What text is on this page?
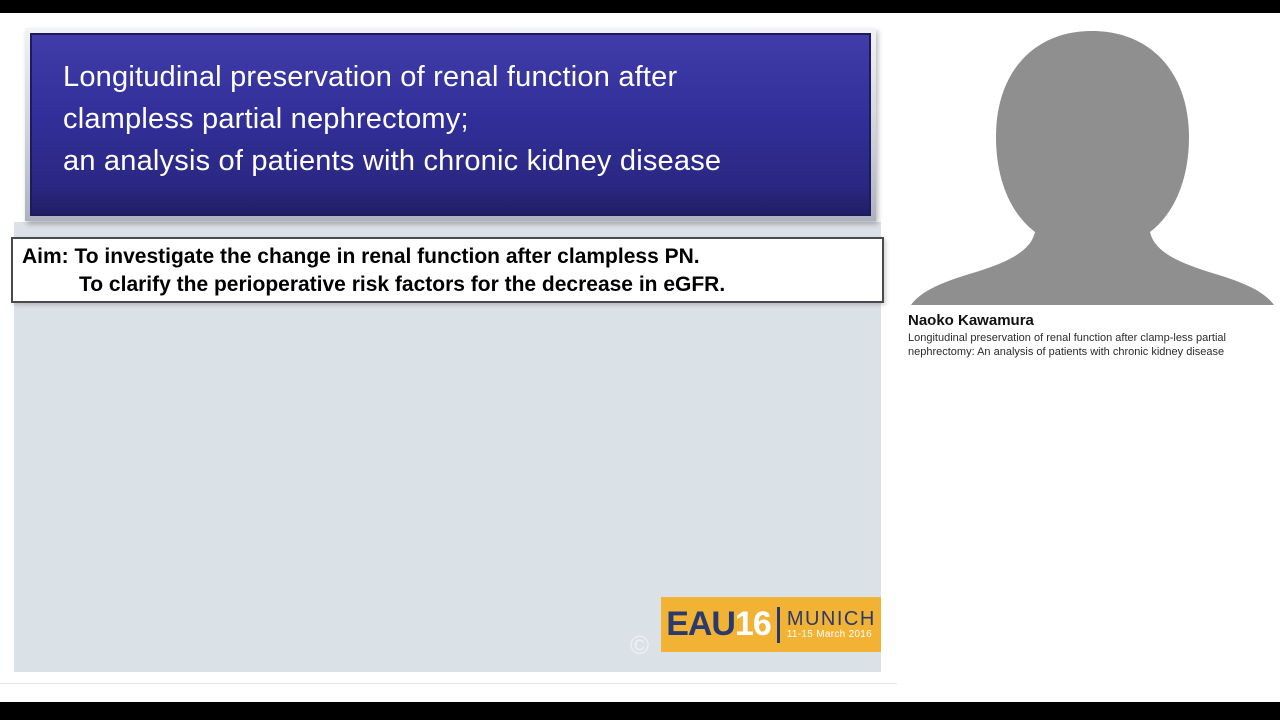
Longitudinal preservation of renal function after
clampless partial nephrectomy;
an analysis of patients with chronic kidney disease
Aim: To investigate the change in renal function after clampless PN.
To clarify the perioperative risk factors for the decrease in eGFR.
©
EAU 16 MUNICH
11-15 March 2016
Naoko Kawamura
Longitudinal preservation of renal function after clamp-less partial nephrectomy: An analysis of patients with chronic kidney disease
